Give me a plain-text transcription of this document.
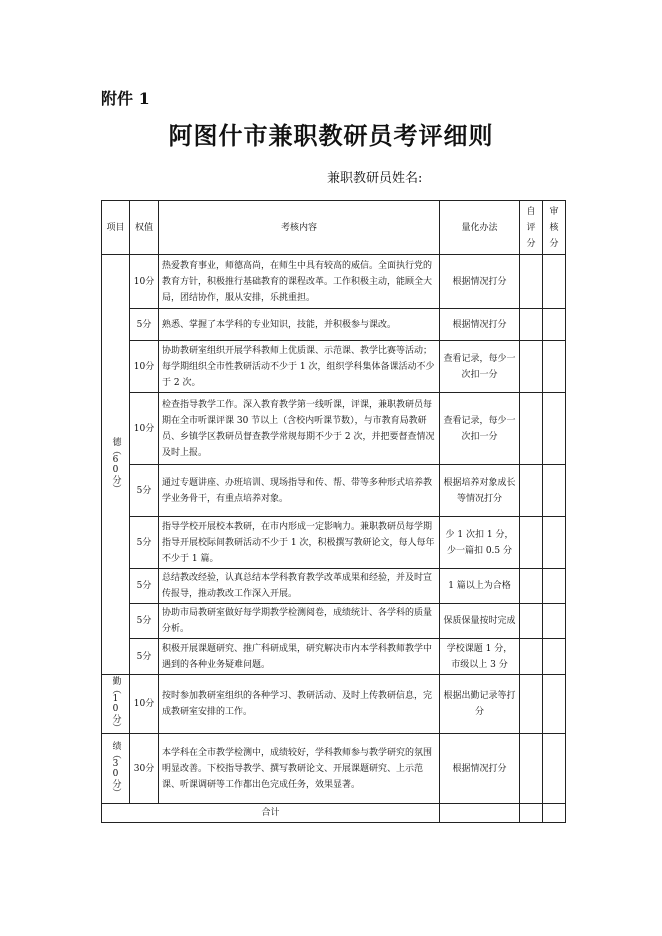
附件 1
阿图什市兼职教研员考评细则
兼职教研员姓名:
项目	权值	考核内容	量化办法	自评分	审核分

德（60分）	10分	热爱教育事业，师德高尚，在师生中具有较高的威信。全面执行党的教育方针，积极推行基础教育的课程改革。工作积极主动，能顾全大局，团结协作，服从安排，乐挑重担。	根据情况打分		
	5分	熟悉、掌握了本学科的专业知识，技能，并积极参与课改。	根据情况打分		
	10分	协助教研室组织开展学科教师上优质课、示范课、教学比赛等活动；每学期组织全市性教研活动不少于 1 次，组织学科集体备课活动不少于 2 次。	查看记录，每少一次扣一分		
	10分	检查指导教学工作。深入教育教学第一线听课，评课，兼职教研员每期在全市听课评课 30 节以上（含校内听课节数），与市教育局教研员、乡镇学区教研员督查教学常规每期不少于 2 次，并把要督查情况及时上报。	查看记录，每少一次扣一分		
	5分	通过专题讲座、办班培训、现场指导和传、帮、带等多种形式培养教学业务骨干，有重点培养对象。	根据培养对象成长等情况打分		
	5分	指导学校开展校本教研，在市内形成一定影响力。兼职教研员每学期指导开展校际间教研活动不少于 1 次，积极撰写教研论文，每人每年不少于 1 篇。	少 1 次扣 1 分，少一篇扣 0.5 分		
	5分	总结教改经验，认真总结本学科教育教学改革成果和经验，并及时宣传报导，推动教改工作深入开展。	1 篇以上为合格		
	5分	协助市局教研室做好每学期教学检测阅卷，成绩统计、各学科的质量分析。	保质保量按时完成		
	5分	积极开展课题研究、推广科研成果，研究解决市内本学科教师教学中遇到的各种业务疑难问题。	学校课题 1 分，市级以上 3 分		

勤（10分）	10分	按时参加教研室组织的各种学习、教研活动、及时上传教研信息，完成教研室安排的工作。	根据出勤记录等打分		

绩（30分）	30分	本学科在全市教学检测中，成绩较好，学科教师参与教学研究的氛围明显改善。下校指导教学、撰写教研论文、开展课题研究、上示范课、听课调研等工作都出色完成任务，效果显著。	根据情况打分		
合计					
